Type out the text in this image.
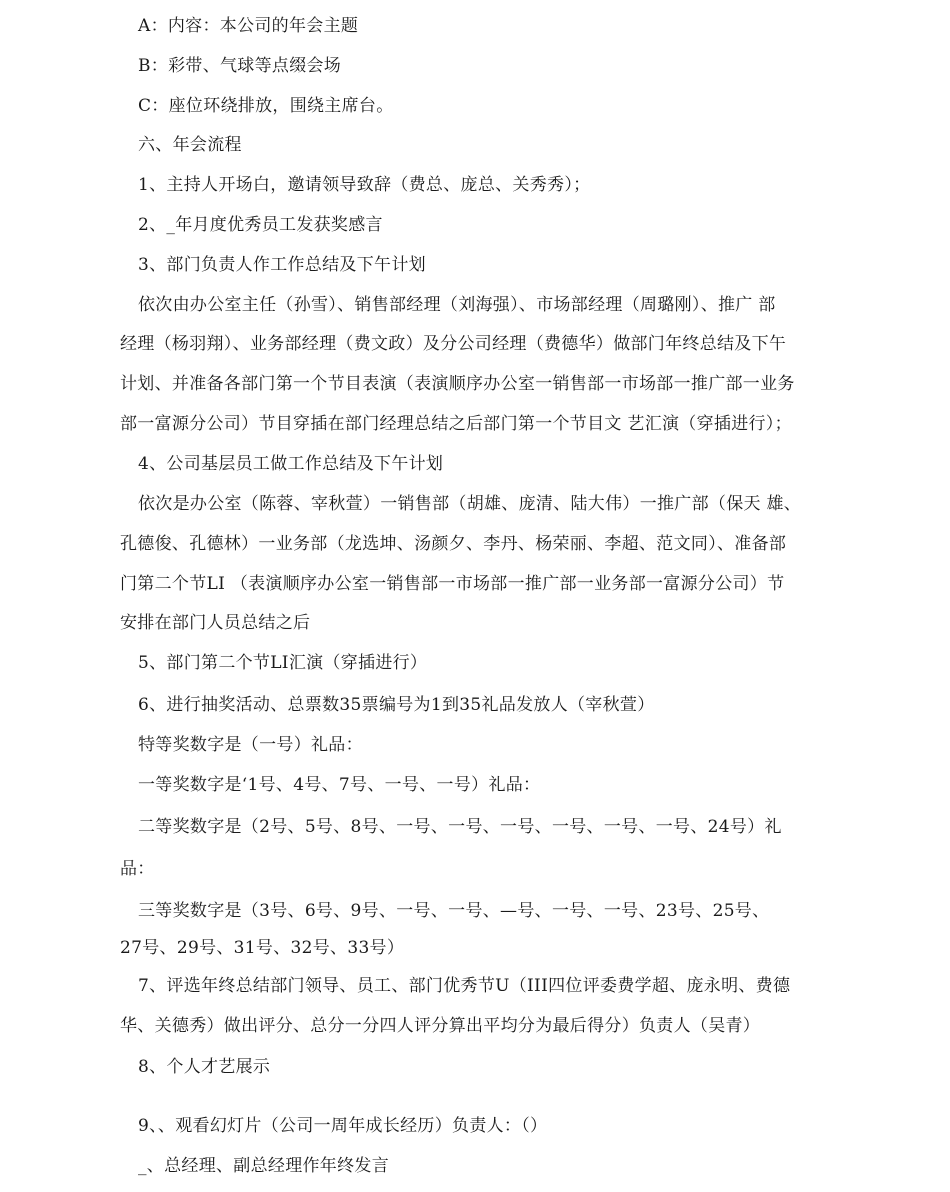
A：内容：本公司的年会主题
B：彩带、气球等点缀会场
C：座位环绕排放，围绕主席台。
六、年会流程
1、主持人开场白，邀请领导致辞（费总、庞总、关秀秀）；
2、_年月度优秀员工发获奖感言
3、部门负责人作工作总结及下午计划
依次由办公室主任（孙雪）、销售部经理（刘海强）、市场部经理（周璐刚）、推广 部
经理（杨羽翔）、业务部经理（费文政）及分公司经理（费德华）做部门年终总结及下午
计划、并准备各部门第一个节目表演（表演顺序办公室一销售部一市场部一推广部一业务
部一富源分公司）节目穿插在部门经理总结之后部门第一个节目文 艺汇演（穿插进行）；
4、公司基层员工做工作总结及下午计划
依次是办公室（陈蓉、宰秋萱）一销售部（胡雄、庞清、陆大伟）一推广部（保天 雄、
孔德俊、孔德林）一业务部（龙选坤、汤颜夕、李丹、杨荣丽、李超、范文同）、准备部
门第二个节LI （表演顺序办公室一销售部一市场部一推广部一业务部一富源分公司）节
安排在部门人员总结之后
5、部门第二个节LI汇演（穿插进行）
6、进行抽奖活动、总票数35票编号为1到35礼品发放人（宰秋萱）
特等奖数字是（一号）礼品：
一等奖数字是‘1号、4号、7号、一号、一号）礼品：
二等奖数字是（2号、5号、8号、一号、一号、一号、一号、一号、一号、24号）礼
品：
三等奖数字是（3号、6号、9号、一号、一号、—号、一号、一号、23号、25号、
27号、29号、31号、32号、33号）
7、评选年终总结部门领导、员工、部门优秀节U（III四位评委费学超、庞永明、费德
华、关德秀）做出评分、总分一分四人评分算出平均分为最后得分）负责人（吴青）
8、个人才艺展示
9、、观看幻灯片（公司一周年成长经历）负责人：（）
_、总经理、副总经理作年终发言
